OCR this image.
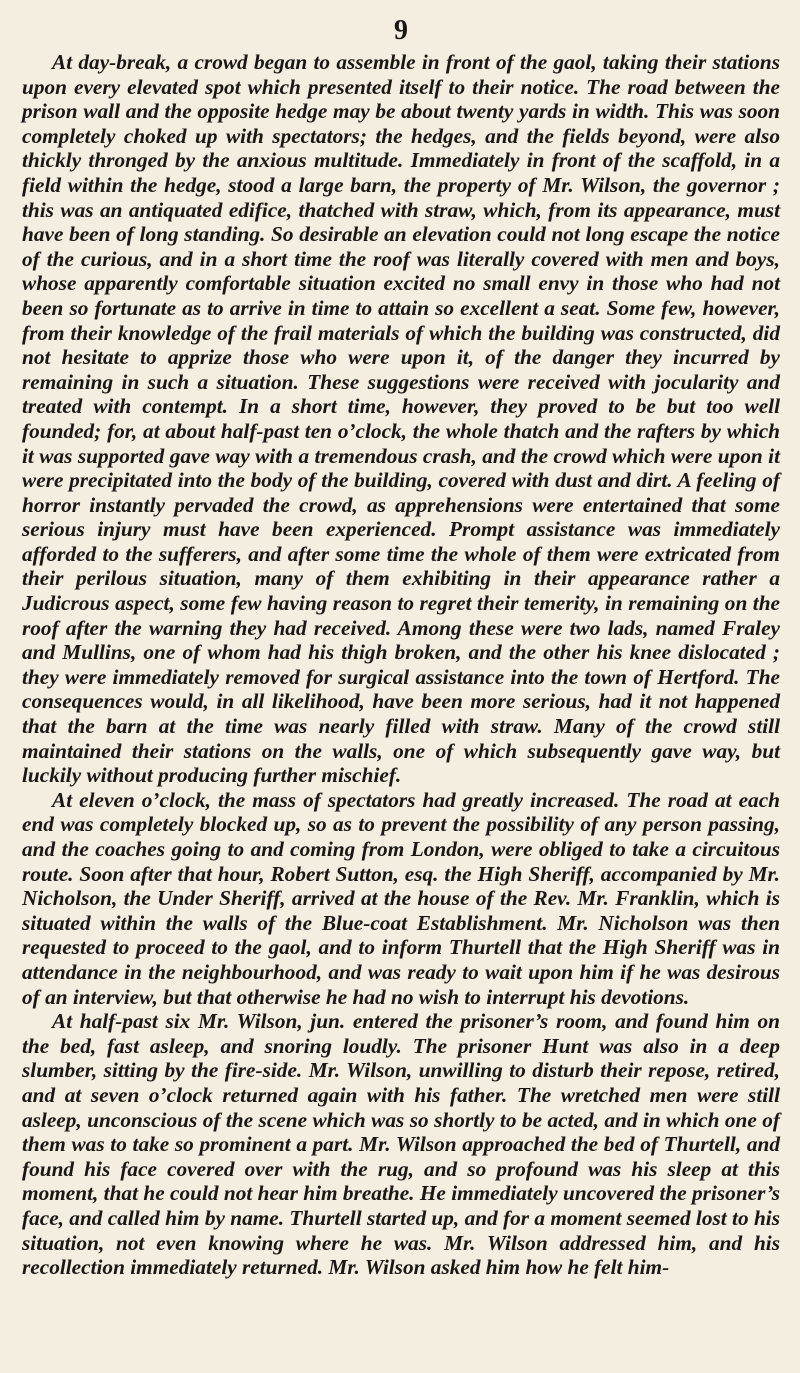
9

At day-break, a crowd began to assemble in front of the gaol, taking their stations upon every elevated spot which presented itself to their notice. The road between the prison wall and the opposite hedge may be about twenty yards in width. This was soon completely choked up with spectators; the hedges, and the fields beyond, were also thickly thronged by the anxious multitude. Immediately in front of the scaffold, in a field within the hedge, stood a large barn, the property of Mr. Wilson, the governor ; this was an antiquated edifice, thatched with straw, which, from its appearance, must have been of long standing. So desirable an elevation could not long escape the notice of the curious, and in a short time the roof was literally covered with men and boys, whose apparently comfortable situation excited no small envy in those who had not been so fortunate as to arrive in time to attain so excellent a seat. Some few, however, from their knowledge of the frail materials of which the building was constructed, did not hesitate to apprize those who were upon it, of the danger they incurred by remaining in such a situation. These suggestions were received with jocularity and treated with contempt. In a short time, however, they proved to be but too well founded; for, at about half-past ten o’clock, the whole thatch and the rafters by which it was supported gave way with a tremendous crash, and the crowd which were upon it were precipitated into the body of the building, covered with dust and dirt. A feeling of horror instantly pervaded the crowd, as apprehensions were entertained that some serious injury must have been experienced. Prompt assistance was immediately afforded to the sufferers, and after some time the whole of them were extricated from their perilous situation, many of them exhibiting in their appearance rather a Judicrous aspect, some few having reason to regret their temerity, in remaining on the roof after the warning they had received. Among these were two lads, named Fraley and Mullins, one of whom had his thigh broken, and the other his knee dislocated ; they were immediately removed for surgical assistance into the town of Hertford. The consequences would, in all likelihood, have been more serious, had it not happened that the barn at the time was nearly filled with straw. Many of the crowd still maintained their stations on the walls, one of which subsequently gave way, but luckily without producing further mischief.

At eleven o’clock, the mass of spectators had greatly increased. The road at each end was completely blocked up, so as to prevent the possibility of any person passing, and the coaches going to and coming from London, were obliged to take a circuitous route. Soon after that hour, Robert Sutton, esq. the High Sheriff, accompanied by Mr. Nicholson, the Under Sheriff, arrived at the house of the Rev. Mr. Franklin, which is situated within the walls of the Blue-coat Establishment. Mr. Nicholson was then requested to proceed to the gaol, and to inform Thurtell that the High Sheriff was in attendance in the neighbourhood, and was ready to wait upon him if he was desirous of an interview, but that otherwise he had no wish to interrupt his devotions.

At half-past six Mr. Wilson, jun. entered the prisoner’s room, and found him on the bed, fast asleep, and snoring loudly. The prisoner Hunt was also in a deep slumber, sitting by the fire-side. Mr. Wilson, unwilling to disturb their repose, retired, and at seven o’clock returned again with his father. The wretched men were still asleep, unconscious of the scene which was so shortly to be acted, and in which one of them was to take so prominent a part. Mr. Wilson approached the bed of Thurtell, and found his face covered over with the rug, and so profound was his sleep at this moment, that he could not hear him breathe. He immediately uncovered the prisoner’s face, and called him by name. Thurtell started up, and for a moment seemed lost to his situation, not even knowing where he was. Mr. Wilson addressed him, and his recollection immediately returned. Mr. Wilson asked him how he felt him-
